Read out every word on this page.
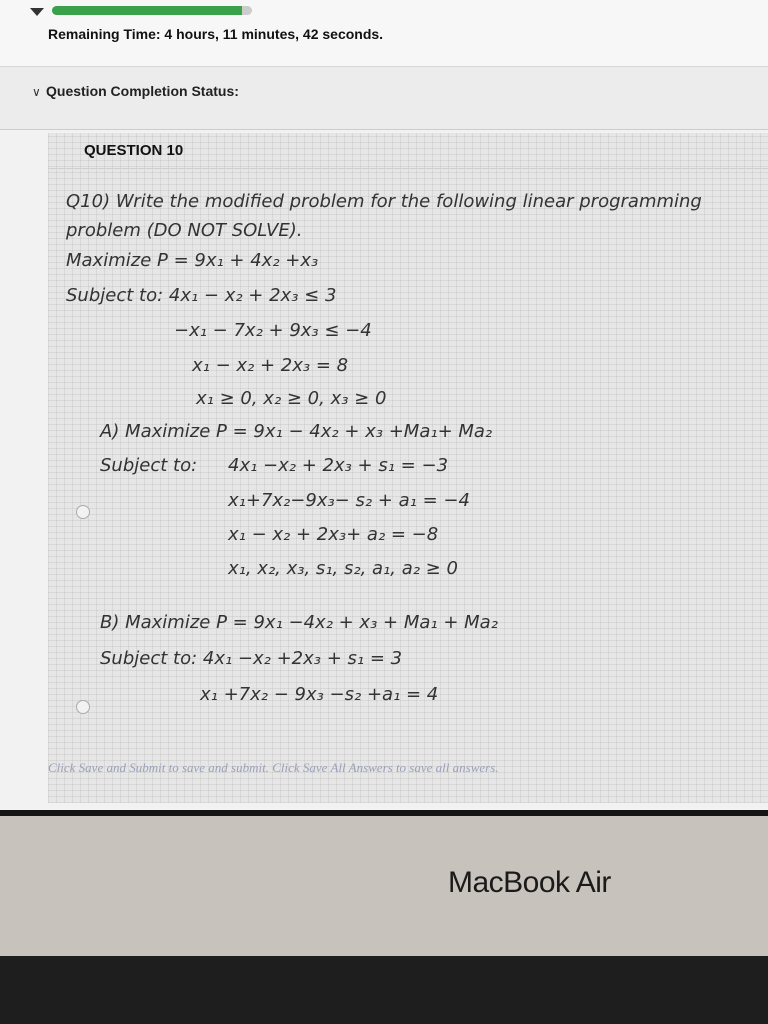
Remaining Time: 4 hours, 11 minutes, 42 seconds.
∨ Question Completion Status:
QUESTION 10
Q10) Write the modified problem for the following linear programming
problem (DO NOT SOLVE).
Maximize P = 9x₁ + 4x₂ +x₃
Subject to: 4x₁ − x₂ + 2x₃ ≤ 3
−x₁ − 7x₂ + 9x₃ ≤ −4
x₁ − x₂ + 2x₃ = 8
x₁ ≥ 0, x₂ ≥ 0, x₃ ≥ 0
A) Maximize P = 9x₁ − 4x₂ + x₃ +Ma₁+ Ma₂
Subject to: 4x₁ −x₂ + 2x₃ + s₁ = −3
x₁+7x₂−9x₃− s₂ + a₁ = −4
x₁ − x₂ + 2x₃+ a₂ = −8
x₁, x₂, x₃, s₁, s₂, a₁, a₂ ≥ 0
B) Maximize P = 9x₁ −4x₂ + x₃ + Ma₁ + Ma₂
Subject to: 4x₁ −x₂ +2x₃ + s₁ = 3
x₁ +7x₂ − 9x₃ −s₂ +a₁ = 4
Click Save and Submit to save and submit. Click Save All Answers to save all answers.
MacBook Air
